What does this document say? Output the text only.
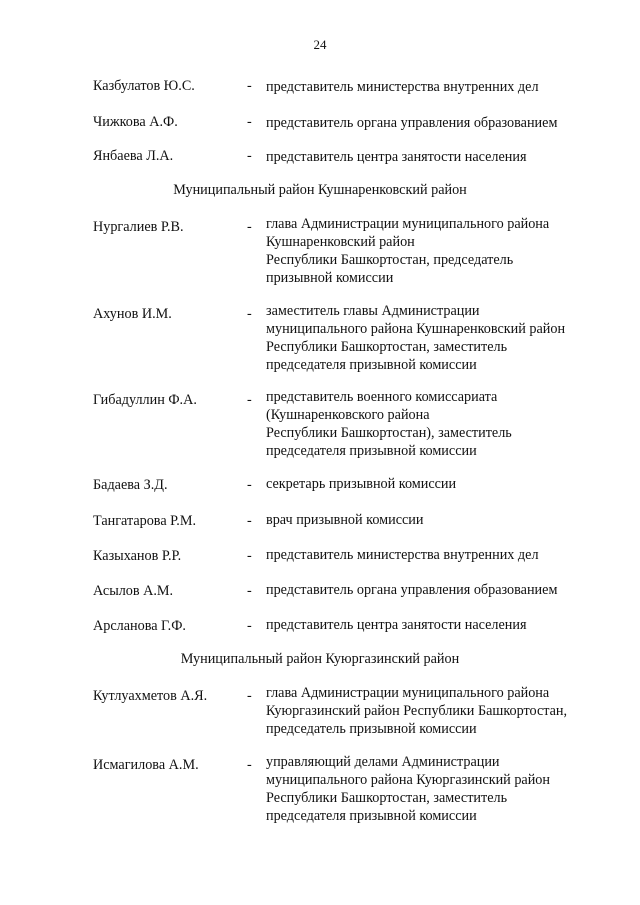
24
Казбулатов Ю.С.	- представитель министерства внутренних дел
Чижкова А.Ф.	- представитель органа управления образованием
Янбаева Л.А.	- представитель центра занятости населения
Муниципальный район Кушнаренковский район
Нургалиев Р.В.	- глава Администрации муниципального района
Кушнаренковский район
Республики Башкортостан, председатель
призывной комиссии
Ахунов И.М.	- заместитель главы Администрации
муниципального района Кушнаренковский район
Республики Башкортостан, заместитель
председателя призывной комиссии
Гибадуллин Ф.А.	- представитель военного комиссариата
(Кушнаренковского района
Республики Башкортостан), заместитель
председателя призывной комиссии
Бадаева З.Д.	- секретарь призывной комиссии
Тангатарова Р.М.	- врач призывной комиссии
Казыханов Р.Р.	- представитель министерства внутренних дел
Асылов А.М.	- представитель органа управления образованием
Арсланова Г.Ф.	- представитель центра занятости населения
Муниципальный район Куюргазинский район
Кутлуахметов А.Я.	- глава Администрации муниципального района
Куюргазинский район Республики Башкортостан,
председатель призывной комиссии
Исмагилова А.М.	- управляющий делами Администрации
муниципального района Куюргазинский район
Республики Башкортостан, заместитель
председателя призывной комиссии
